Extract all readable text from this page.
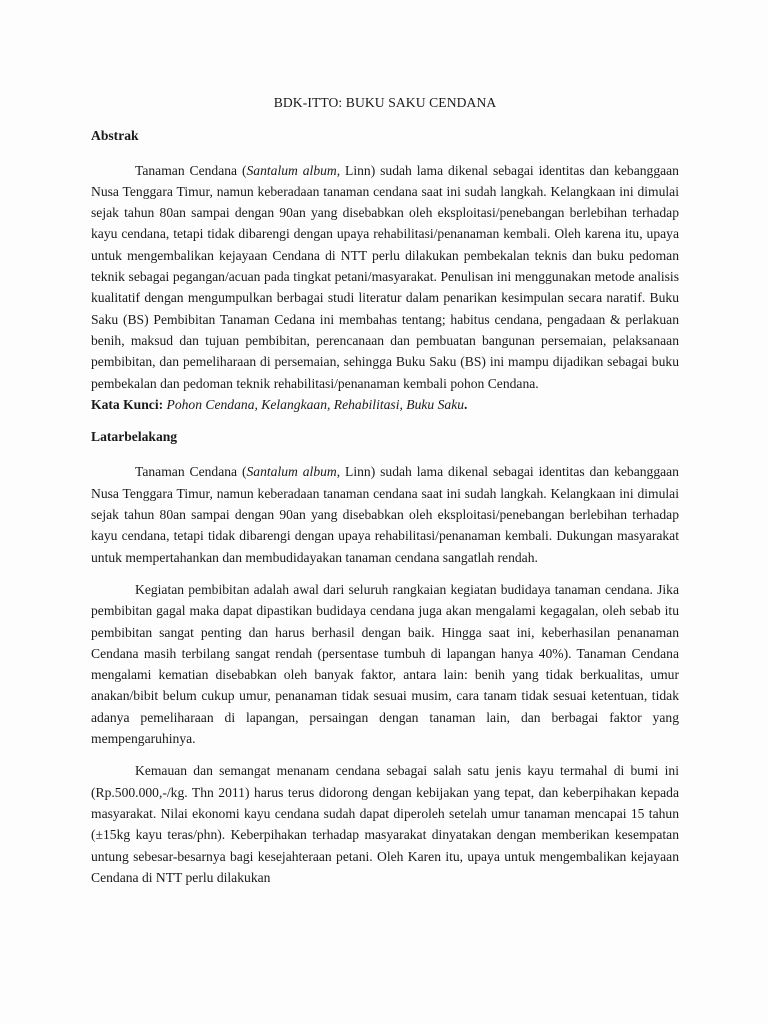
BDK-ITTO: BUKU SAKU CENDANA
Abstrak

Tanaman Cendana (Santalum album, Linn) sudah lama dikenal sebagai identitas dan kebanggaan Nusa Tenggara Timur, namun keberadaan tanaman cendana saat ini sudah langkah. Kelangkaan ini dimulai sejak tahun 80an sampai dengan 90an yang disebabkan oleh eksploitasi/penebangan berlebihan terhadap kayu cendana, tetapi tidak dibarengi dengan upaya rehabilitasi/penanaman kembali. Oleh karena itu, upaya untuk mengembalikan kejayaan Cendana di NTT perlu dilakukan pembekalan teknis dan buku pedoman teknik sebagai pegangan/acuan pada tingkat petani/masyarakat. Penulisan ini menggunakan metode analisis kualitatif dengan mengumpulkan berbagai studi literatur dalam penarikan kesimpulan secara naratif. Buku Saku (BS) Pembibitan Tanaman Cedana ini membahas tentang; habitus cendana, pengadaan & perlakuan benih, maksud dan tujuan pembibitan, perencanaan dan pembuatan bangunan persemaian, pelaksanaan pembibitan, dan pemeliharaan di persemaian, sehingga Buku Saku (BS) ini mampu dijadikan sebagai buku pembekalan dan pedoman teknik rehabilitasi/penanaman kembali pohon Cendana.

Kata Kunci: Pohon Cendana, Kelangkaan, Rehabilitasi, Buku Saku.

Latarbelakang

Tanaman Cendana (Santalum album, Linn) sudah lama dikenal sebagai identitas dan kebanggaan Nusa Tenggara Timur, namun keberadaan tanaman cendana saat ini sudah langkah. Kelangkaan ini dimulai sejak tahun 80an sampai dengan 90an yang disebabkan oleh eksploitasi/penebangan berlebihan terhadap kayu cendana, tetapi tidak dibarengi dengan upaya rehabilitasi/penanaman kembali. Dukungan masyarakat untuk mempertahankan dan membudidayakan tanaman cendana sangatlah rendah.

Kegiatan pembibitan adalah awal dari seluruh rangkaian kegiatan budidaya tanaman cendana. Jika pembibitan gagal maka dapat dipastikan budidaya cendana juga akan mengalami kegagalan, oleh sebab itu pembibitan sangat penting dan harus berhasil dengan baik. Hingga saat ini, keberhasilan penanaman Cendana masih terbilang sangat rendah (persentase tumbuh di lapangan hanya 40%). Tanaman Cendana mengalami kematian disebabkan oleh banyak faktor, antara lain: benih yang tidak berkualitas, umur anakan/bibit belum cukup umur, penanaman tidak sesuai musim, cara tanam tidak sesuai ketentuan, tidak adanya pemeliharaan di lapangan, persaingan dengan tanaman lain, dan berbagai faktor yang mempengaruhinya.

Kemauan dan semangat menanam cendana sebagai salah satu jenis kayu termahal di bumi ini (Rp.500.000,-/kg. Thn 2011) harus terus didorong dengan kebijakan yang tepat, dan keberpihakan kepada masyarakat. Nilai ekonomi kayu cendana sudah dapat diperoleh setelah umur tanaman mencapai 15 tahun (±15kg kayu teras/phn). Keberpihakan terhadap masyarakat dinyatakan dengan memberikan kesempatan untung sebesar-besarnya bagi kesejahteraan petani. Oleh Karen itu, upaya untuk mengembalikan kejayaan Cendana di NTT perlu dilakukan
